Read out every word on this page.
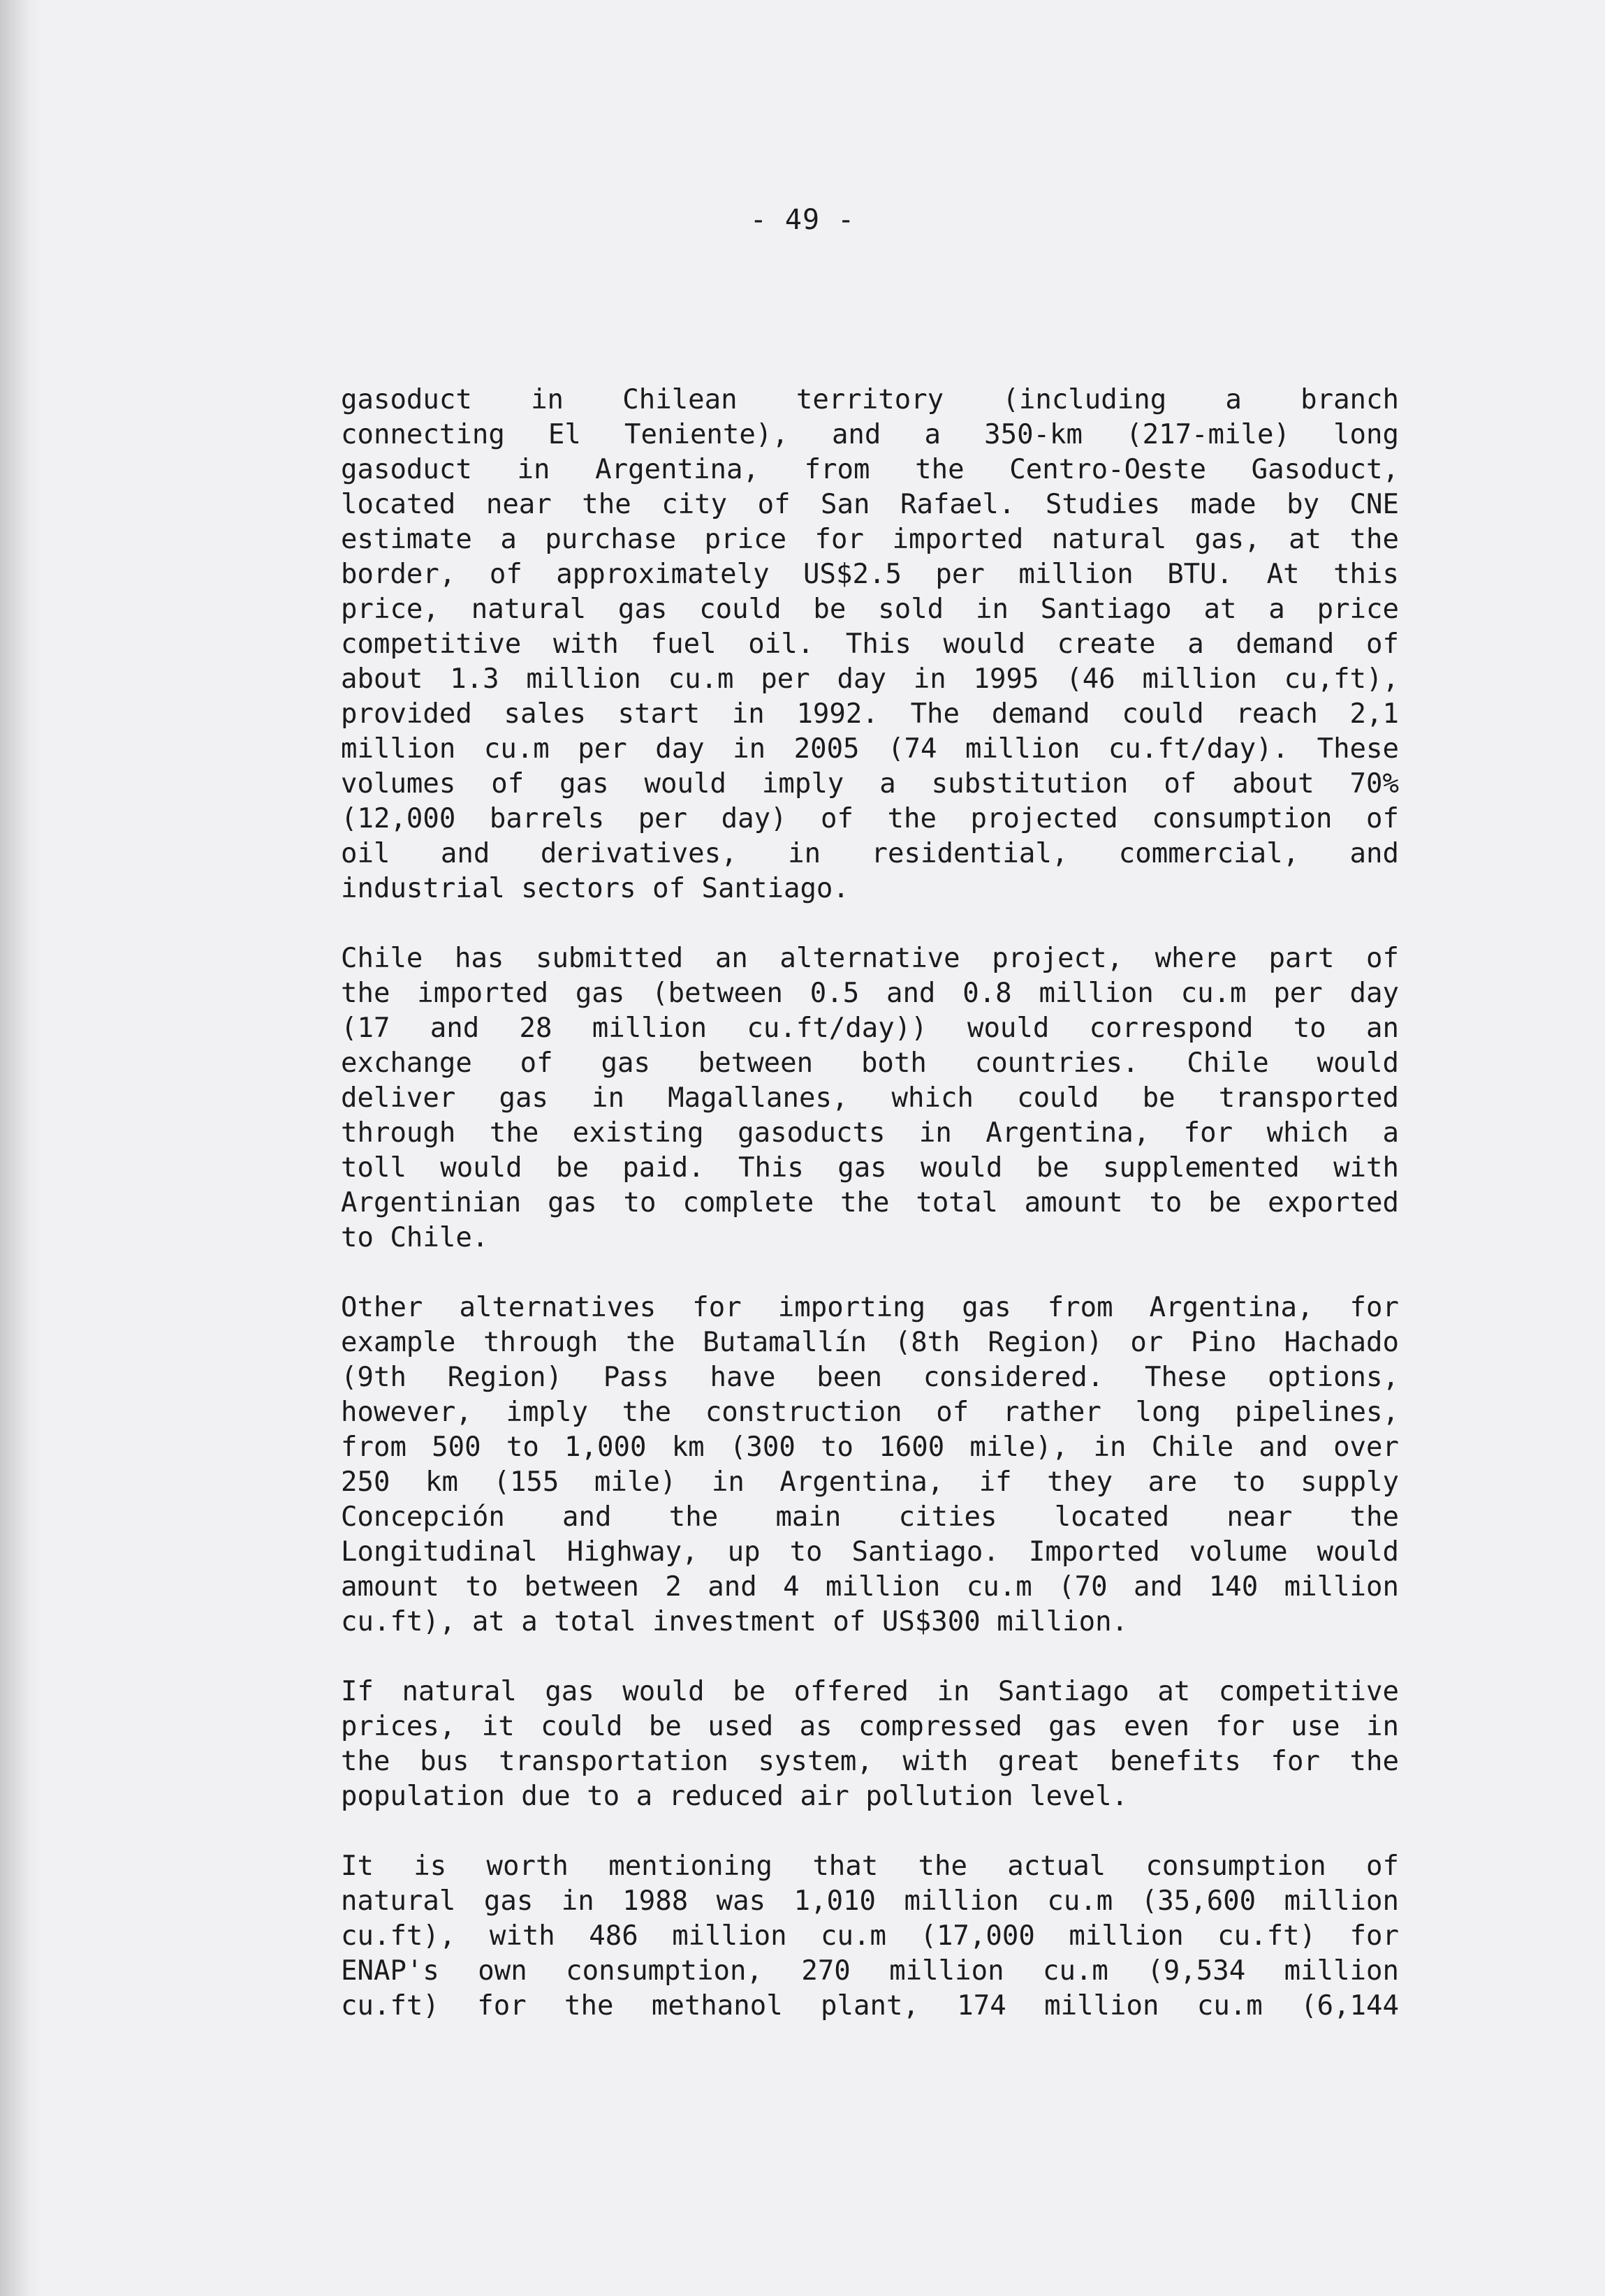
- 49 -
gasoduct in Chilean territory (including a branch
connecting El Teniente), and a 350-km (217-mile) long
gasoduct in Argentina, from the Centro-Oeste Gasoduct,
located near the city of San Rafael. Studies made by CNE
estimate a purchase price for imported natural gas, at the
border, of approximately US$2.5 per million BTU. At this
price, natural gas could be sold in Santiago at a price
competitive with fuel oil. This would create a demand of
about 1.3 million cu.m per day in 1995 (46 million cu,ft),
provided sales start in 1992. The demand could reach 2,1
million cu.m per day in 2005 (74 million cu.ft/day). These
volumes of gas would imply a substitution of about 70%
(12,000 barrels per day) of the projected consumption of
oil and derivatives, in residential, commercial, and
industrial sectors of Santiago.
Chile has submitted an alternative project, where part of
the imported gas (between 0.5 and 0.8 million cu.m per day
(17 and 28 million cu.ft/day)) would correspond to an
exchange of gas between both countries. Chile would
deliver gas in Magallanes, which could be transported
through the existing gasoducts in Argentina, for which a
toll would be paid. This gas would be supplemented with
Argentinian gas to complete the total amount to be exported
to Chile.
Other alternatives for importing gas from Argentina, for
example through the Butamallín (8th Region) or Pino Hachado
(9th Region) Pass have been considered. These options,
however, imply the construction of rather long pipelines,
from 500 to 1,000 km (300 to 1600 mile), in Chile and over
250 km (155 mile) in Argentina, if they are to supply
Concepción and the main cities located near the
Longitudinal Highway, up to Santiago. Imported volume would
amount to between 2 and 4 million cu.m (70 and 140 million
cu.ft), at a total investment of US$300 million.
If natural gas would be offered in Santiago at competitive
prices, it could be used as compressed gas even for use in
the bus transportation system, with great benefits for the
population due to a reduced air pollution level.
It is worth mentioning that the actual consumption of
natural gas in 1988 was 1,010 million cu.m (35,600 million
cu.ft), with 486 million cu.m (17,000 million cu.ft) for
ENAP's own consumption, 270 million cu.m (9,534 million
cu.ft) for the methanol plant, 174 million cu.m (6,144
